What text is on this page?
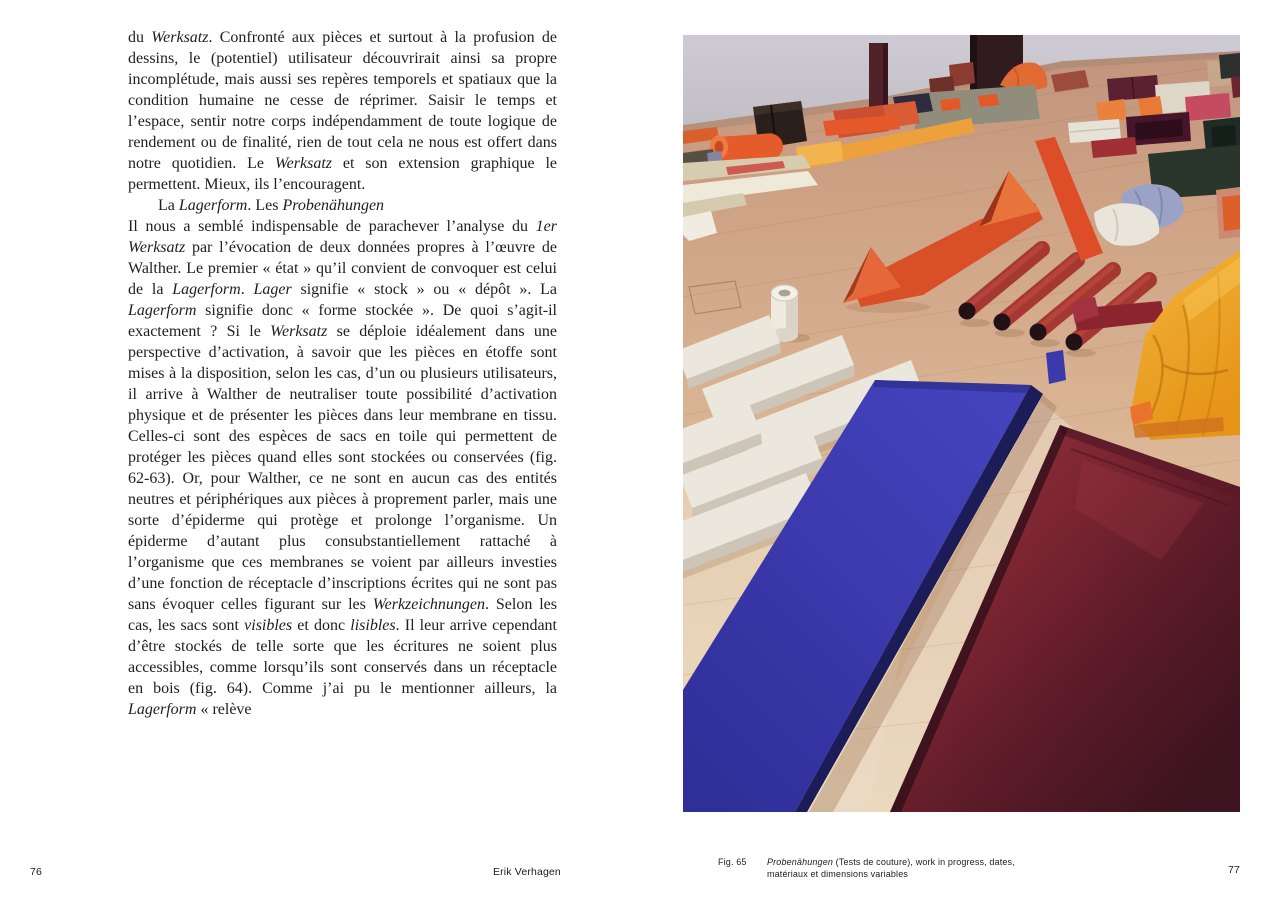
du Werksatz. Confronté aux pièces et surtout à la profusion de dessins, le (potentiel) utilisateur découvrirait ainsi sa propre incomplétude, mais aussi ses repères temporels et spatiaux que la condition humaine ne cesse de réprimer. Saisir le temps et l’espace, sentir notre corps indépendamment de toute logique de rendement ou de finalité, rien de tout cela ne nous est offert dans notre quotidien. Le Werksatz et son extension graphique le permettent. Mieux, ils l’encouragent.

La Lagerform. Les Probenähungen

Il nous a semblé indispensable de parachever l’analyse du 1er Werksatz par l’évocation de deux données propres à l’œuvre de Walther. Le premier « état » qu’il convient de convoquer est celui de la Lagerform. Lager signifie « stock » ou « dépôt ». La Lagerform signifie donc « forme stockée ». De quoi s’agit-il exactement ? Si le Werksatz se déploie idéalement dans une perspective d’activation, à savoir que les pièces en étoffe sont mises à la disposition, selon les cas, d’un ou plusieurs utilisateurs, il arrive à Walther de neutraliser toute possibilité d’activation physique et de présenter les pièces dans leur membrane en tissu. Celles-ci sont des espèces de sacs en toile qui permettent de protéger les pièces quand elles sont stockées ou conservées (fig. 62-63). Or, pour Walther, ce ne sont en aucun cas des entités neutres et périphériques aux pièces à proprement parler, mais une sorte d’épiderme qui protège et prolonge l’organisme. Un épiderme d’autant plus consubstantiellement rattaché à l’organisme que ces membranes se voient par ailleurs investies d’une fonction de réceptacle d’inscriptions écrites qui ne sont pas sans évoquer celles figurant sur les Werkzeichnungen. Selon les cas, les sacs sont visibles et donc lisibles. Il leur arrive cependant d’être stockés de telle sorte que les écritures ne soient plus accessibles, comme lorsqu’ils sont conservés dans un réceptacle en bois (fig. 64). Comme j’ai pu le mentionner ailleurs, la Lagerform « relève

76	Erik Verhagen
Fig. 65 Probenähungen (Tests de couture), work in progress, dates,
matériaux et dimensions variables	77
